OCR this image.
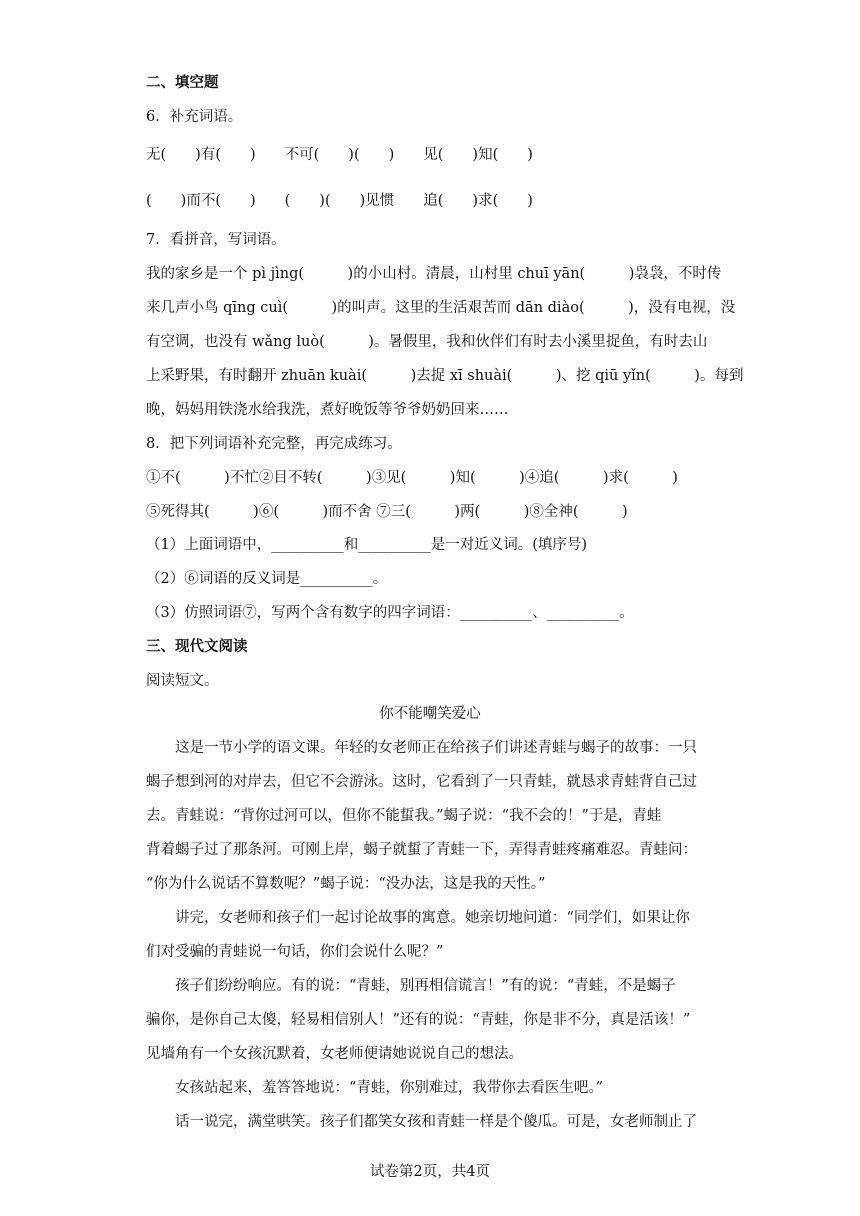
二、填空题
6．补充词语。
无(　　)有(　　)　　不可(　　)(　　)　　见(　　)知(　　)
(　　)而不(　　)　　(　　)(　　)见惯　　追(　　)求(　　)
7．看拼音，写词语。
我的家乡是一个 pì jìng(　　　)的小山村。清晨，山村里 chuī yān(　　　)袅袅，不时传
来几声小鸟 qīng cuì(　　　)的叫声。这里的生活艰苦而 dān diào(　　　)，没有电视，没
有空调，也没有 wǎng luò(　　　)。暑假里，我和伙伴们有时去小溪里捉鱼，有时去山
上采野果，有时翻开 zhuān kuài(　　　)去捉 xī shuài(　　　)、挖 qiū yǐn(　　　)。每到
晚，妈妈用铁浇水给我洗，煮好晚饭等爷爷奶奶回来……
8．把下列词语补充完整，再完成练习。
①不(　　　)不忙②目不转(　　　)③见(　　　)知(　　　)④追(　　　)求(　　　)
⑤死得其(　　　)⑥(　　　)而不舍 ⑦三(　　　)两(　　　)⑧全神(　　　)
（1）上面词语中，__________和__________是一对近义词。(填序号)
（2）⑥词语的反义词是__________。
（3）仿照词语⑦，写两个含有数字的四字词语：__________、__________。
三、现代文阅读
阅读短文。
你不能嘲笑爱心
这是一节小学的语文课。年轻的女老师正在给孩子们讲述青蛙与蝎子的故事：一只
蝎子想到河的对岸去，但它不会游泳。这时，它看到了一只青蛙，就恳求青蛙背自己过
去。青蛙说：“背你过河可以，但你不能蜇我。”蝎子说：“我不会的！”于是，青蛙
背着蝎子过了那条河。可刚上岸，蝎子就蜇了青蛙一下，弄得青蛙疼痛难忍。青蛙问：
“你为什么说话不算数呢？”蝎子说：“没办法，这是我的天性。”
讲完，女老师和孩子们一起讨论故事的寓意。她亲切地问道：“同学们，如果让你
们对受骗的青蛙说一句话，你们会说什么呢？”
孩子们纷纷响应。有的说：“青蛙，别再相信谎言！”有的说：“青蛙，不是蝎子
骗你，是你自己太傻，轻易相信别人！”还有的说：“青蛙，你是非不分，真是活该！”
见墙角有一个女孩沉默着，女老师便请她说说自己的想法。
女孩站起来，羞答答地说：“青蛙，你别难过，我带你去看医生吧。”
话一说完，满堂哄笑。孩子们都笑女孩和青蛙一样是个傻瓜。可是，女老师制止了
试卷第2页，共4页
